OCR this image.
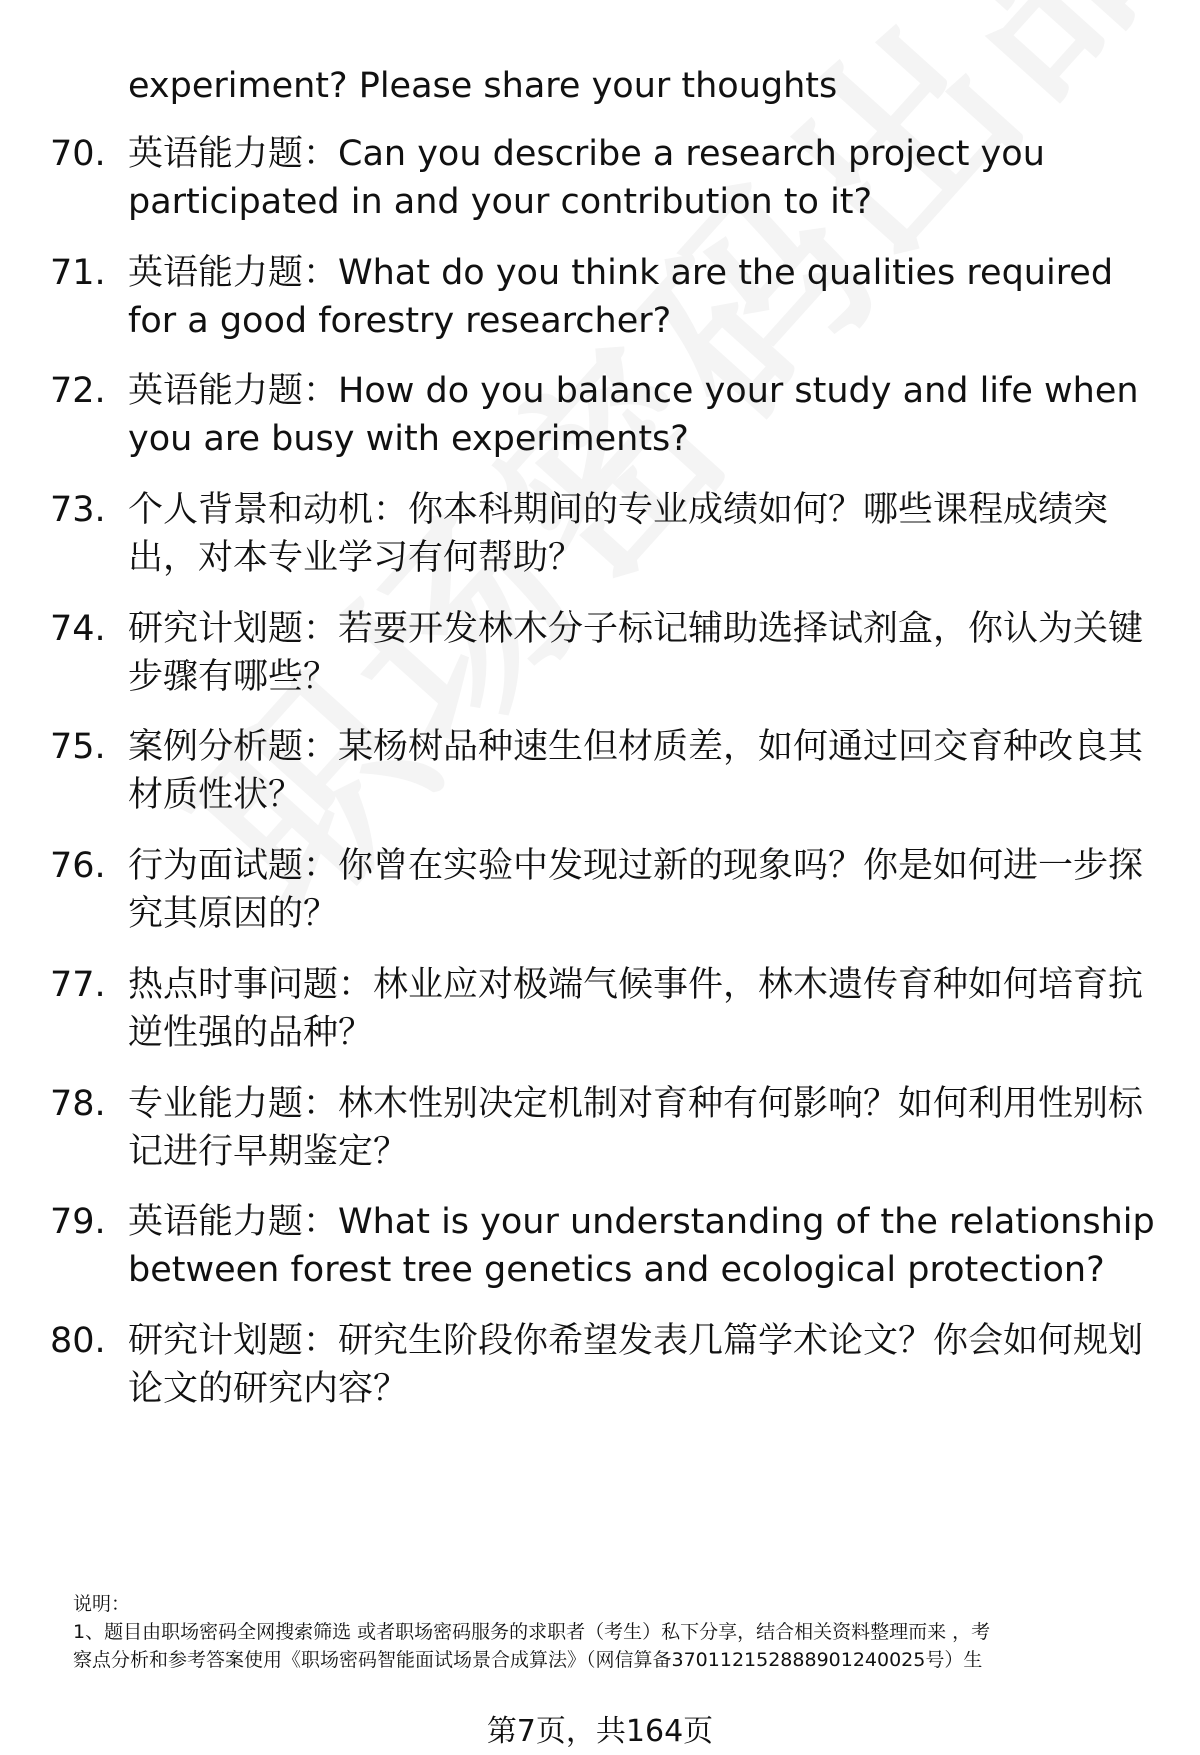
experiment? Please share your thoughts
70. 英语能力题：Can you describe a research project you participated in and your contribution to it?
71. 英语能力题：What do you think are the qualities required for a good forestry researcher?
72. 英语能力题：How do you balance your study and life when you are busy with experiments?
73. 个人背景和动机：你本科期间的专业成绩如何？哪些课程成绩突出，对本专业学习有何帮助？
74. 研究计划题：若要开发林木分子标记辅助选择试剂盒，你认为关键步骤有哪些？
75. 案例分析题：某杨树品种速生但材质差，如何通过回交育种改良其材质性状？
76. 行为面试题：你曾在实验中发现过新的现象吗？你是如何进一步探究其原因的？
77. 热点时事问题：林业应对极端气候事件，林木遗传育种如何培育抗逆性强的品种？
78. 专业能力题：林木性别决定机制对育种有何影响？如何利用性别标记进行早期鉴定？
79. 英语能力题：What is your understanding of the relationship between forest tree genetics and ecological protection?
80. 研究计划题：研究生阶段你希望发表几篇学术论文？你会如何规划论文的研究内容？
说明：
1、题目由职场密码全网搜索筛选 或者职场密码服务的求职者（考生）私下分享，结合相关资料整理而来 ，考
察点分析和参考答案使用《职场密码智能面试场景合成算法》（网信算备370112152888901240025号）生
第7页，共164页
